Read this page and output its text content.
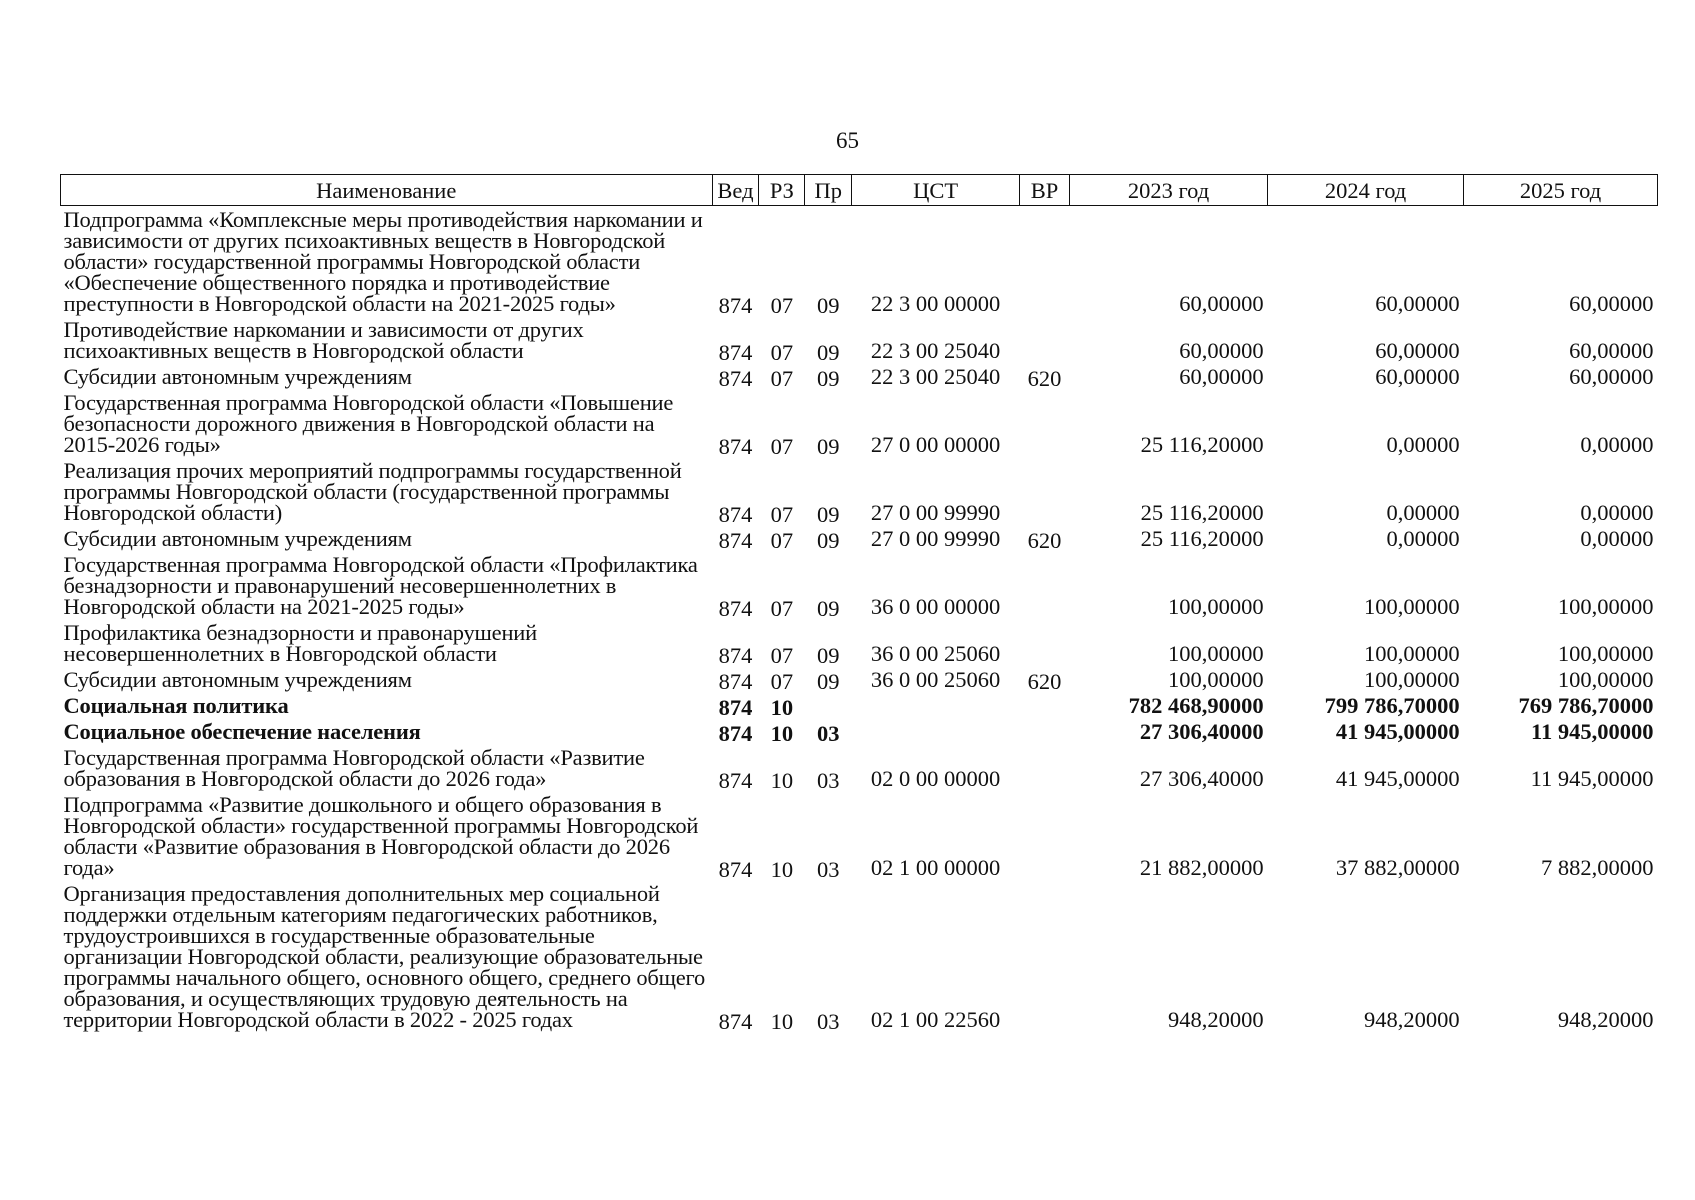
65
Наименование	Вед	РЗ	Пр	ЦСТ	ВР	2023 год	2024 год	2025 год
Подпрограмма «Комплексные меры противодействия наркомании и зависимости от других психоактивных веществ в Новгородской области» государственной программы Новгородской области «Обеспечение общественного порядка и противодействие преступности в Новгородской области на 2021-2025 годы»	874	07	09	22 3 00 00000		60,00000	60,00000	60,00000
Противодействие наркомании и зависимости от других психоактивных веществ в Новгородской области	874	07	09	22 3 00 25040		60,00000	60,00000	60,00000
Субсидии автономным учреждениям	874	07	09	22 3 00 25040	620	60,00000	60,00000	60,00000
Государственная программа Новгородской области «Повышение безопасности дорожного движения в Новгородской области на 2015-2026 годы»	874	07	09	27 0 00 00000		25 116,20000	0,00000	0,00000
Реализация прочих мероприятий подпрограммы государственной программы Новгородской области (государственной программы Новгородской области)	874	07	09	27 0 00 99990		25 116,20000	0,00000	0,00000
Субсидии автономным учреждениям	874	07	09	27 0 00 99990	620	25 116,20000	0,00000	0,00000
Государственная программа Новгородской области «Профилактика безнадзорности и правонарушений несовершеннолетних в Новгородской области на 2021-2025 годы»	874	07	09	36 0 00 00000		100,00000	100,00000	100,00000
Профилактика безнадзорности и правонарушений несовершеннолетних в Новгородской области	874	07	09	36 0 00 25060		100,00000	100,00000	100,00000
Субсидии автономным учреждениям	874	07	09	36 0 00 25060	620	100,00000	100,00000	100,00000
Социальная политика	874	10				782 468,90000	799 786,70000	769 786,70000
Социальное обеспечение населения	874	10	03			27 306,40000	41 945,00000	11 945,00000
Государственная программа Новгородской области «Развитие образования в Новгородской области до 2026 года»	874	10	03	02 0 00 00000		27 306,40000	41 945,00000	11 945,00000
Подпрограмма «Развитие дошкольного и общего образования в Новгородской области» государственной программы Новгородской области «Развитие образования в Новгородской области до 2026 года»	874	10	03	02 1 00 00000		21 882,00000	37 882,00000	7 882,00000
Организация предоставления дополнительных мер социальной поддержки отдельным категориям педагогических работников, трудоустроившихся в государственные образовательные организации Новгородской области, реализующие образовательные программы начального общего, основного общего, среднего общего образования, и осуществляющих трудовую деятельность на территории Новгородской области в 2022 - 2025 годах	874	10	03	02 1 00 22560		948,20000	948,20000	948,20000
